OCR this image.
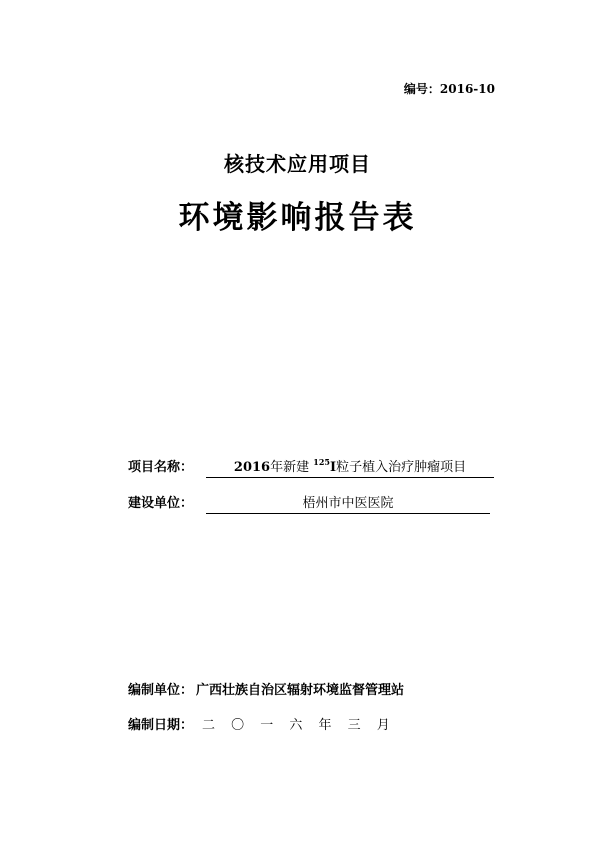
编号：2016-10
核技术应用项目
环境影响报告表
项目名称：	2016年新建 $^{125}$I粒子植入治疗肿瘤项目
建设单位：	梧州市中医医院
编制单位： 广西壮族自治区辐射环境监督管理站
编制日期： 二 〇 一 六 年 三 月
